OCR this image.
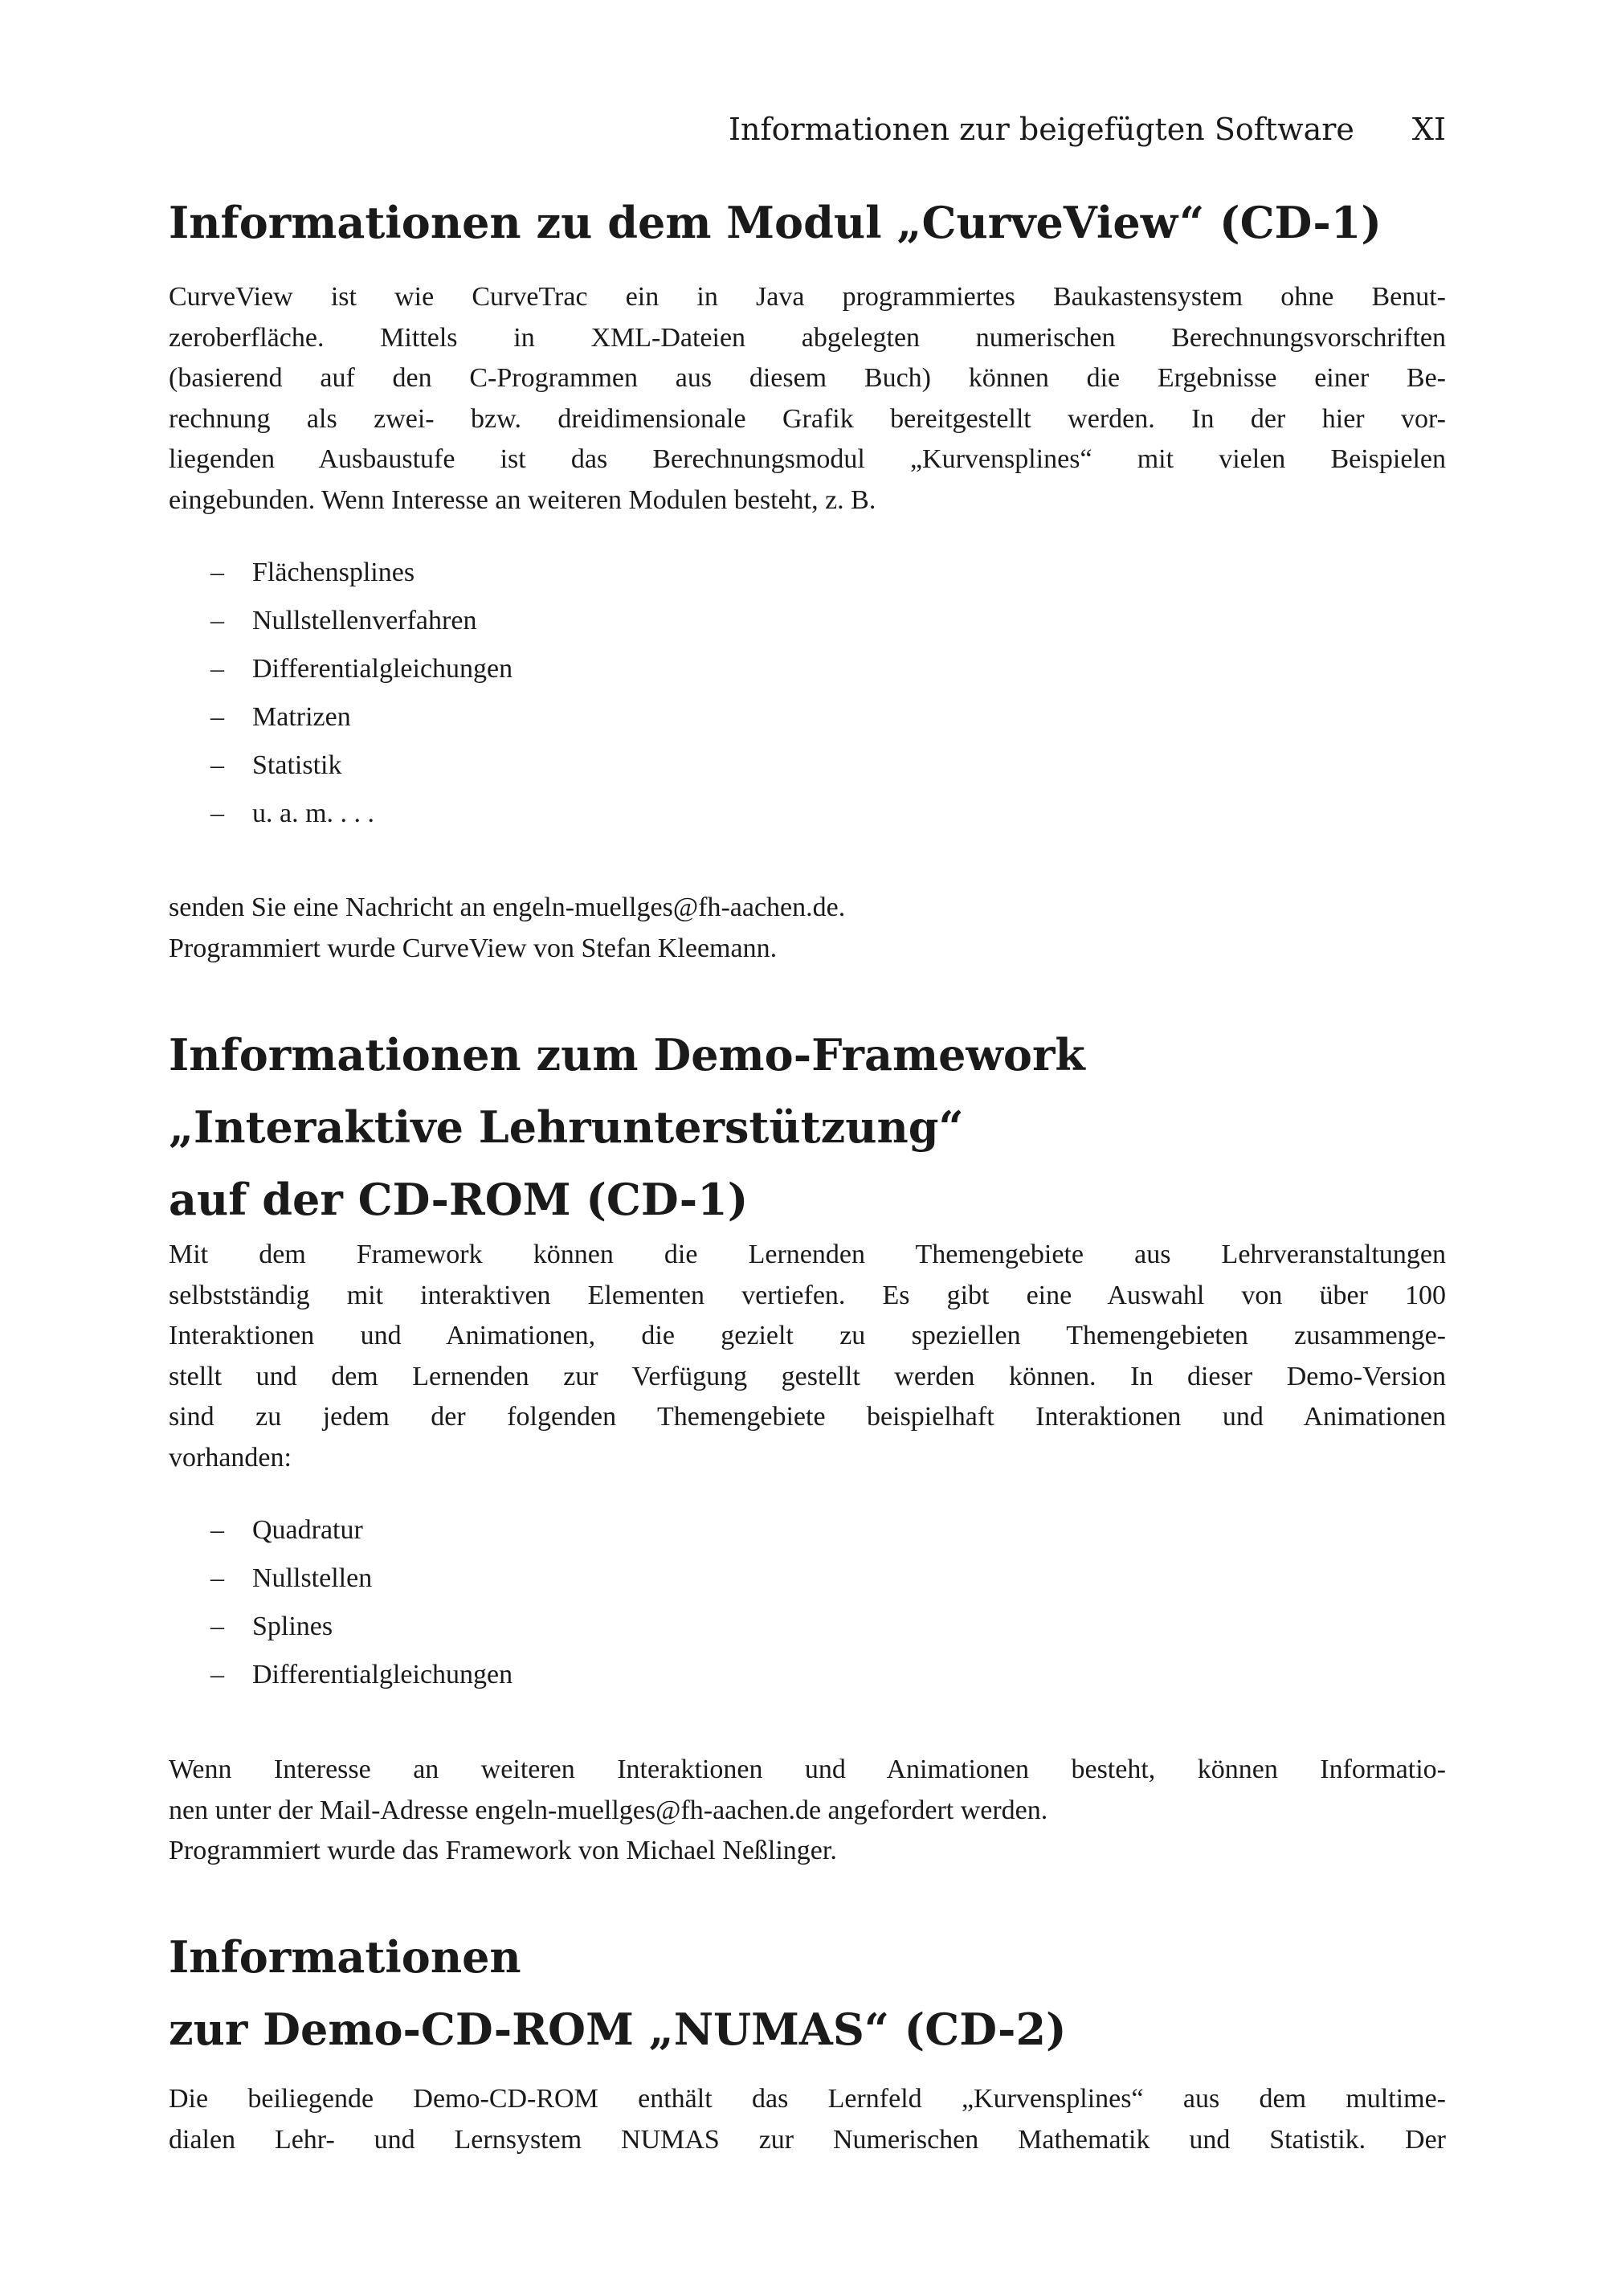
Informationen zur beigefügten Software XI
Informationen zu dem Modul „CurveView“ (CD-1)
CurveView ist wie CurveTrac ein in Java programmiertes Baukastensystem ohne Benut-
zeroberfläche. Mittels in XML-Dateien abgelegten numerischen Berechnungsvorschriften
(basierend auf den C-Programmen aus diesem Buch) können die Ergebnisse einer Be-
rechnung als zwei- bzw. dreidimensionale Grafik bereitgestellt werden. In der hier vor-
liegenden Ausbaustufe ist das Berechnungsmodul „Kurvensplines“ mit vielen Beispielen
eingebunden. Wenn Interesse an weiteren Modulen besteht, z. B.
– Flächensplines
– Nullstellenverfahren
– Differentialgleichungen
– Matrizen
– Statistik
– u. a. m. . . .
senden Sie eine Nachricht an engeln-muellges@fh-aachen.de.
Programmiert wurde CurveView von Stefan Kleemann.
Informationen zum Demo-Framework
„Interaktive Lehrunterstützung“
auf der CD-ROM (CD-1)
Mit dem Framework können die Lernenden Themengebiete aus Lehrveranstaltungen
selbstständig mit interaktiven Elementen vertiefen. Es gibt eine Auswahl von über 100
Interaktionen und Animationen, die gezielt zu speziellen Themengebieten zusammenge-
stellt und dem Lernenden zur Verfügung gestellt werden können. In dieser Demo-Version
sind zu jedem der folgenden Themengebiete beispielhaft Interaktionen und Animationen
vorhanden:
– Quadratur
– Nullstellen
– Splines
– Differentialgleichungen
Wenn Interesse an weiteren Interaktionen und Animationen besteht, können Informatio-
nen unter der Mail-Adresse engeln-muellges@fh-aachen.de angefordert werden.
Programmiert wurde das Framework von Michael Neßlinger.
Informationen
zur Demo-CD-ROM „NUMAS“ (CD-2)
Die beiliegende Demo-CD-ROM enthält das Lernfeld „Kurvensplines“ aus dem multime-
dialen Lehr- und Lernsystem NUMAS zur Numerischen Mathematik und Statistik. Der
